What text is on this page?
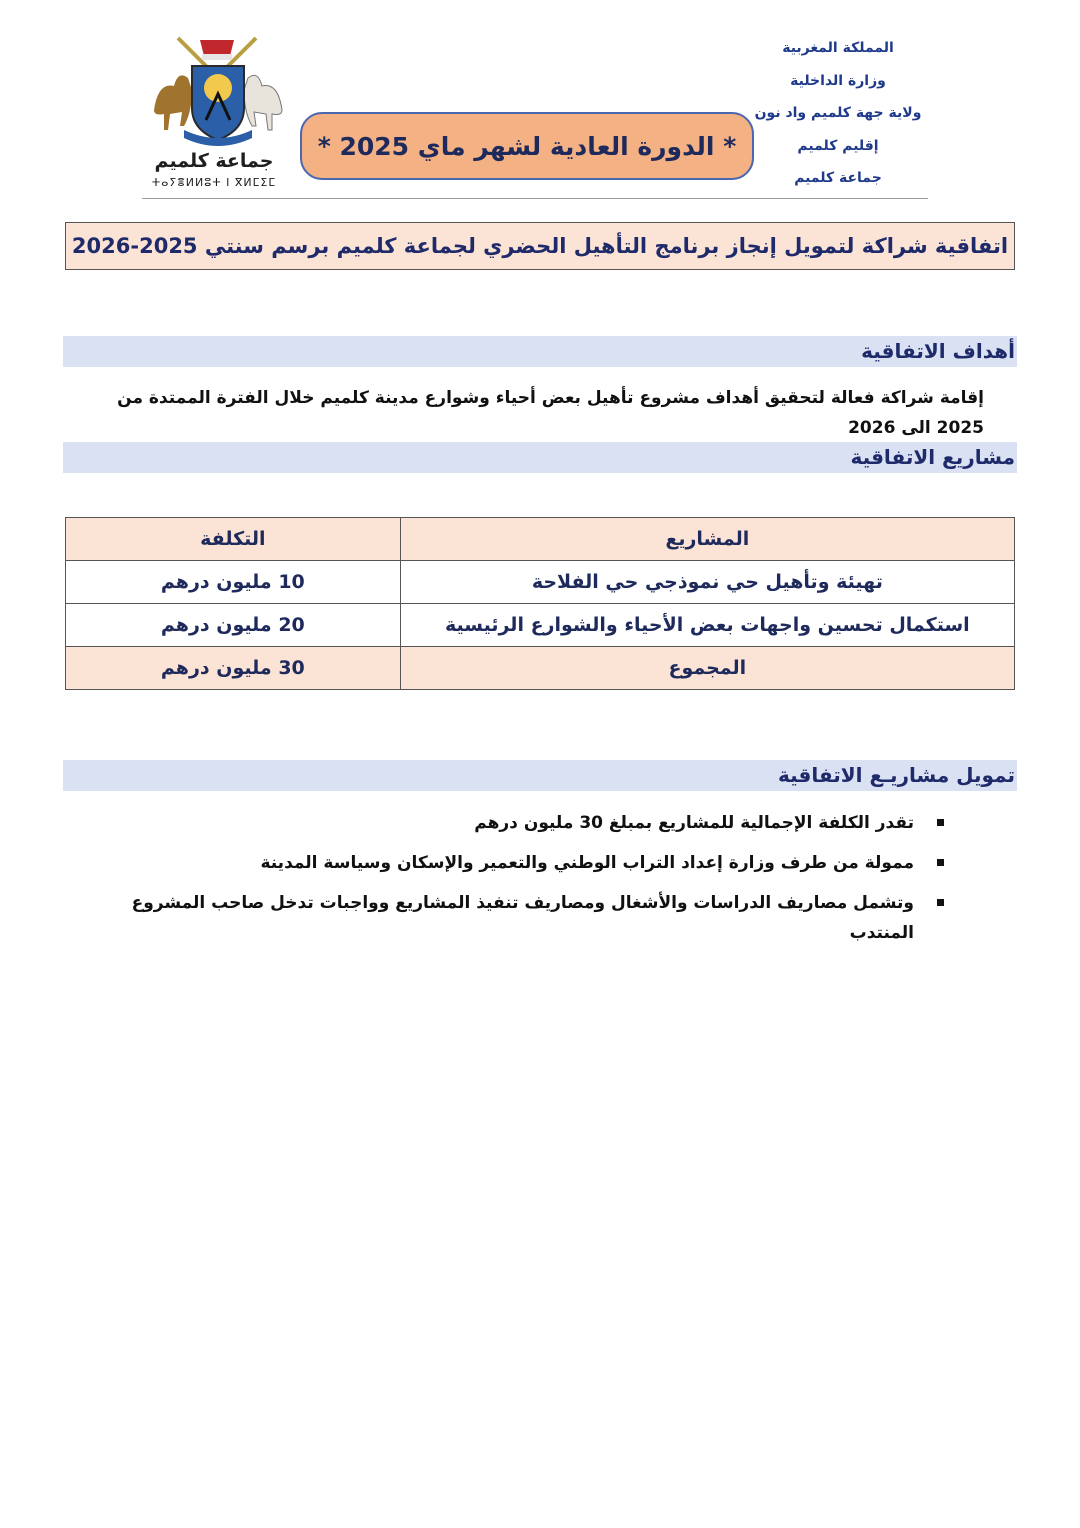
جماعة كلميم
ⵜⴰⵢⴻⵍⵍⵓⵜ ⵏ ⴳⵍⵎⵉⵎ
* الدورة العادية لشهر ماي 2025 *
المملكة المغربية
وزارة الداخلية
ولاية جهة كلميم واد نون
إقليم كلميم
جماعة كلميم
اتفاقية شراكة لتمويل إنجاز برنامج التأهيل الحضري لجماعة كلميم برسم سنتي 2025-2026
أهداف الاتفاقية
إقامة شراكة فعالة لتحقيق أهداف مشروع تأهيل بعض أحياء وشوارع مدينة كلميم خلال الفترة الممتدة من 2025 الى 2026
مشاريع الاتفاقية
المشاريع	التكلفة
تهيئة وتأهيل حي نموذجي حي الفلاحة	10 مليون درهم
استكمال تحسين واجهات بعض الأحياء والشوارع الرئيسية	20 مليون درهم
المجموع	30 مليون درهم
تمويل مشاريـع الاتفاقية
تقدر الكلفة الإجمالية للمشاريع بمبلغ 30 مليون درهم
ممولة من طرف وزارة إعداد التراب الوطني والتعمير والإسكان وسياسة المدينة
وتشمل مصاريف الدراسات والأشغال ومصاريف تنفيذ المشاريع وواجبات تدخل صاحب المشروع المنتدب
